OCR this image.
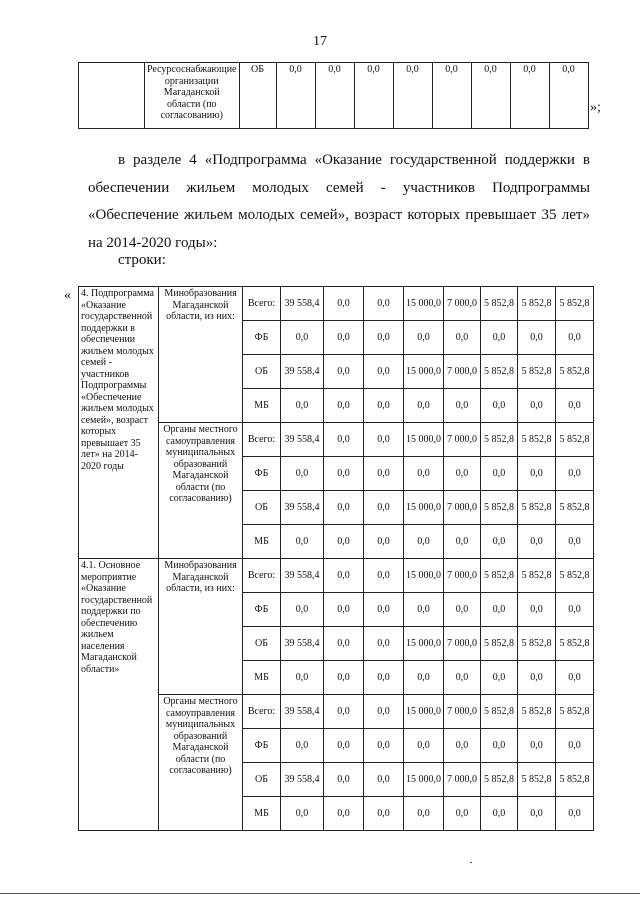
17
	Ресурсоснабжающие организации Магаданской области (по согласованию)	ОБ	0,0	0,0	0,0	0,0	0,0	0,0	0,0	0,0
»;

в разделе 4 «Подпрограмма «Оказание государственной поддержки в обеспечении жильем молодых семей - участников Подпрограммы «Обеспечение жильем молодых семей», возраст которых превышает 35 лет» на 2014-2020 годы»:

строки:
« 4. Подпрограмма «Оказание государственной поддержки в обеспечении жильем молодых семей - участников Подпрограммы «Обеспечение жильем молодых семей», возраст которых превышает 35 лет» на 2014-2020 годы	Минобразования Магаданской области, из них:	Всего:	39 558,4	0,0	0,0	15 000,0	7 000,0	5 852,8	5 852,8	5 852,8
		ФБ	0,0	0,0	0,0	0,0	0,0	0,0	0,0	0,0
		ОБ	39 558,4	0,0	0,0	15 000,0	7 000,0	5 852,8	5 852,8	5 852,8
		МБ	0,0	0,0	0,0	0,0	0,0	0,0	0,0	0,0
	Органы местного самоуправления муниципальных образований Магаданской области (по согласованию)	Всего:	39 558,4	0,0	0,0	15 000,0	7 000,0	5 852,8	5 852,8	5 852,8
		ФБ	0,0	0,0	0,0	0,0	0,0	0,0	0,0	0,0
		ОБ	39 558,4	0,0	0,0	15 000,0	7 000,0	5 852,8	5 852,8	5 852,8
		МБ	0,0	0,0	0,0	0,0	0,0	0,0	0,0	0,0
4.1. Основное мероприятие «Оказание государственной поддержки по обеспечению жильем населения Магаданской области»	Минобразования Магаданской области, из них:	Всего:	39 558,4	0,0	0,0	15 000,0	7 000,0	5 852,8	5 852,8	5 852,8
		ФБ	0,0	0,0	0,0	0,0	0,0	0,0	0,0	0,0
		ОБ	39 558,4	0,0	0,0	15 000,0	7 000,0	5 852,8	5 852,8	5 852,8
		МБ	0,0	0,0	0,0	0,0	0,0	0,0	0,0	0,0
	Органы местного самоуправления муниципальных образований Магаданской области (по согласованию)	Всего:	39 558,4	0,0	0,0	15 000,0	7 000,0	5 852,8	5 852,8	5 852,8
		ФБ	0,0	0,0	0,0	0,0	0,0	0,0	0,0	0,0
		ОБ	39 558,4	0,0	0,0	15 000,0	7 000,0	5 852,8	5 852,8	5 852,8
		МБ	0,0	0,0	0,0	0,0	0,0	0,0	0,0	0,0
